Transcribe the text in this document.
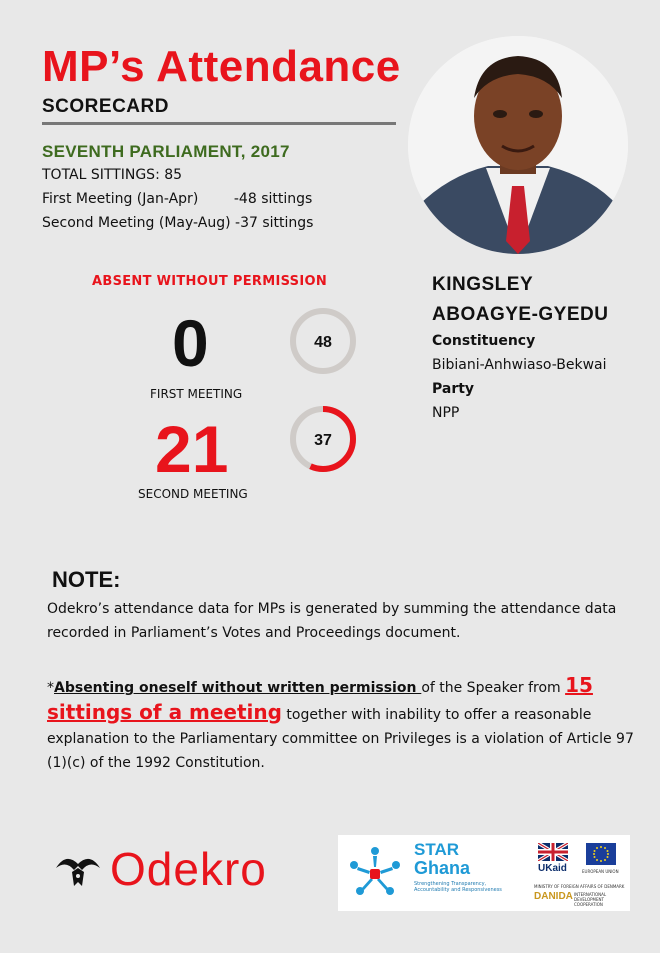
MP’s Attendance
SCORECARD
SEVENTH PARLIAMENT, 2017
TOTAL SITTINGS: 85
First Meeting (Jan-Apr)        -48 sittings
Second Meeting (May-Aug) -37 sittings
ABSENT WITHOUT PERMISSION
0
FIRST MEETING
48
21
SECOND MEETING
37
KINGSLEY
ABOAGYE-GYEDU
Constituency
Bibiani-Anhwiaso-Bekwai
Party
NPP
NOTE:
Odekro’s attendance data for MPs is generated by summing the attendance data recorded in Parliament’s Votes and Proceedings document.
*Absenting oneself without written permission of the Speaker from 15 sittings of a meeting together with inability to offer a reasonable explanation to the Parliamentary committee on Privileges is a violation of Article 97 (1)(c) of the 1992 Constitution.
Odekro	STAR
Ghana
Strengthening Transparency, Accountability and Responsiveness
UKaid	EUROPEAN UNION
MINISTRY OF FOREIGN AFFAIRS OF DENMARK
DANIDA INTERNATIONAL DEVELOPMENT COOPERATION
